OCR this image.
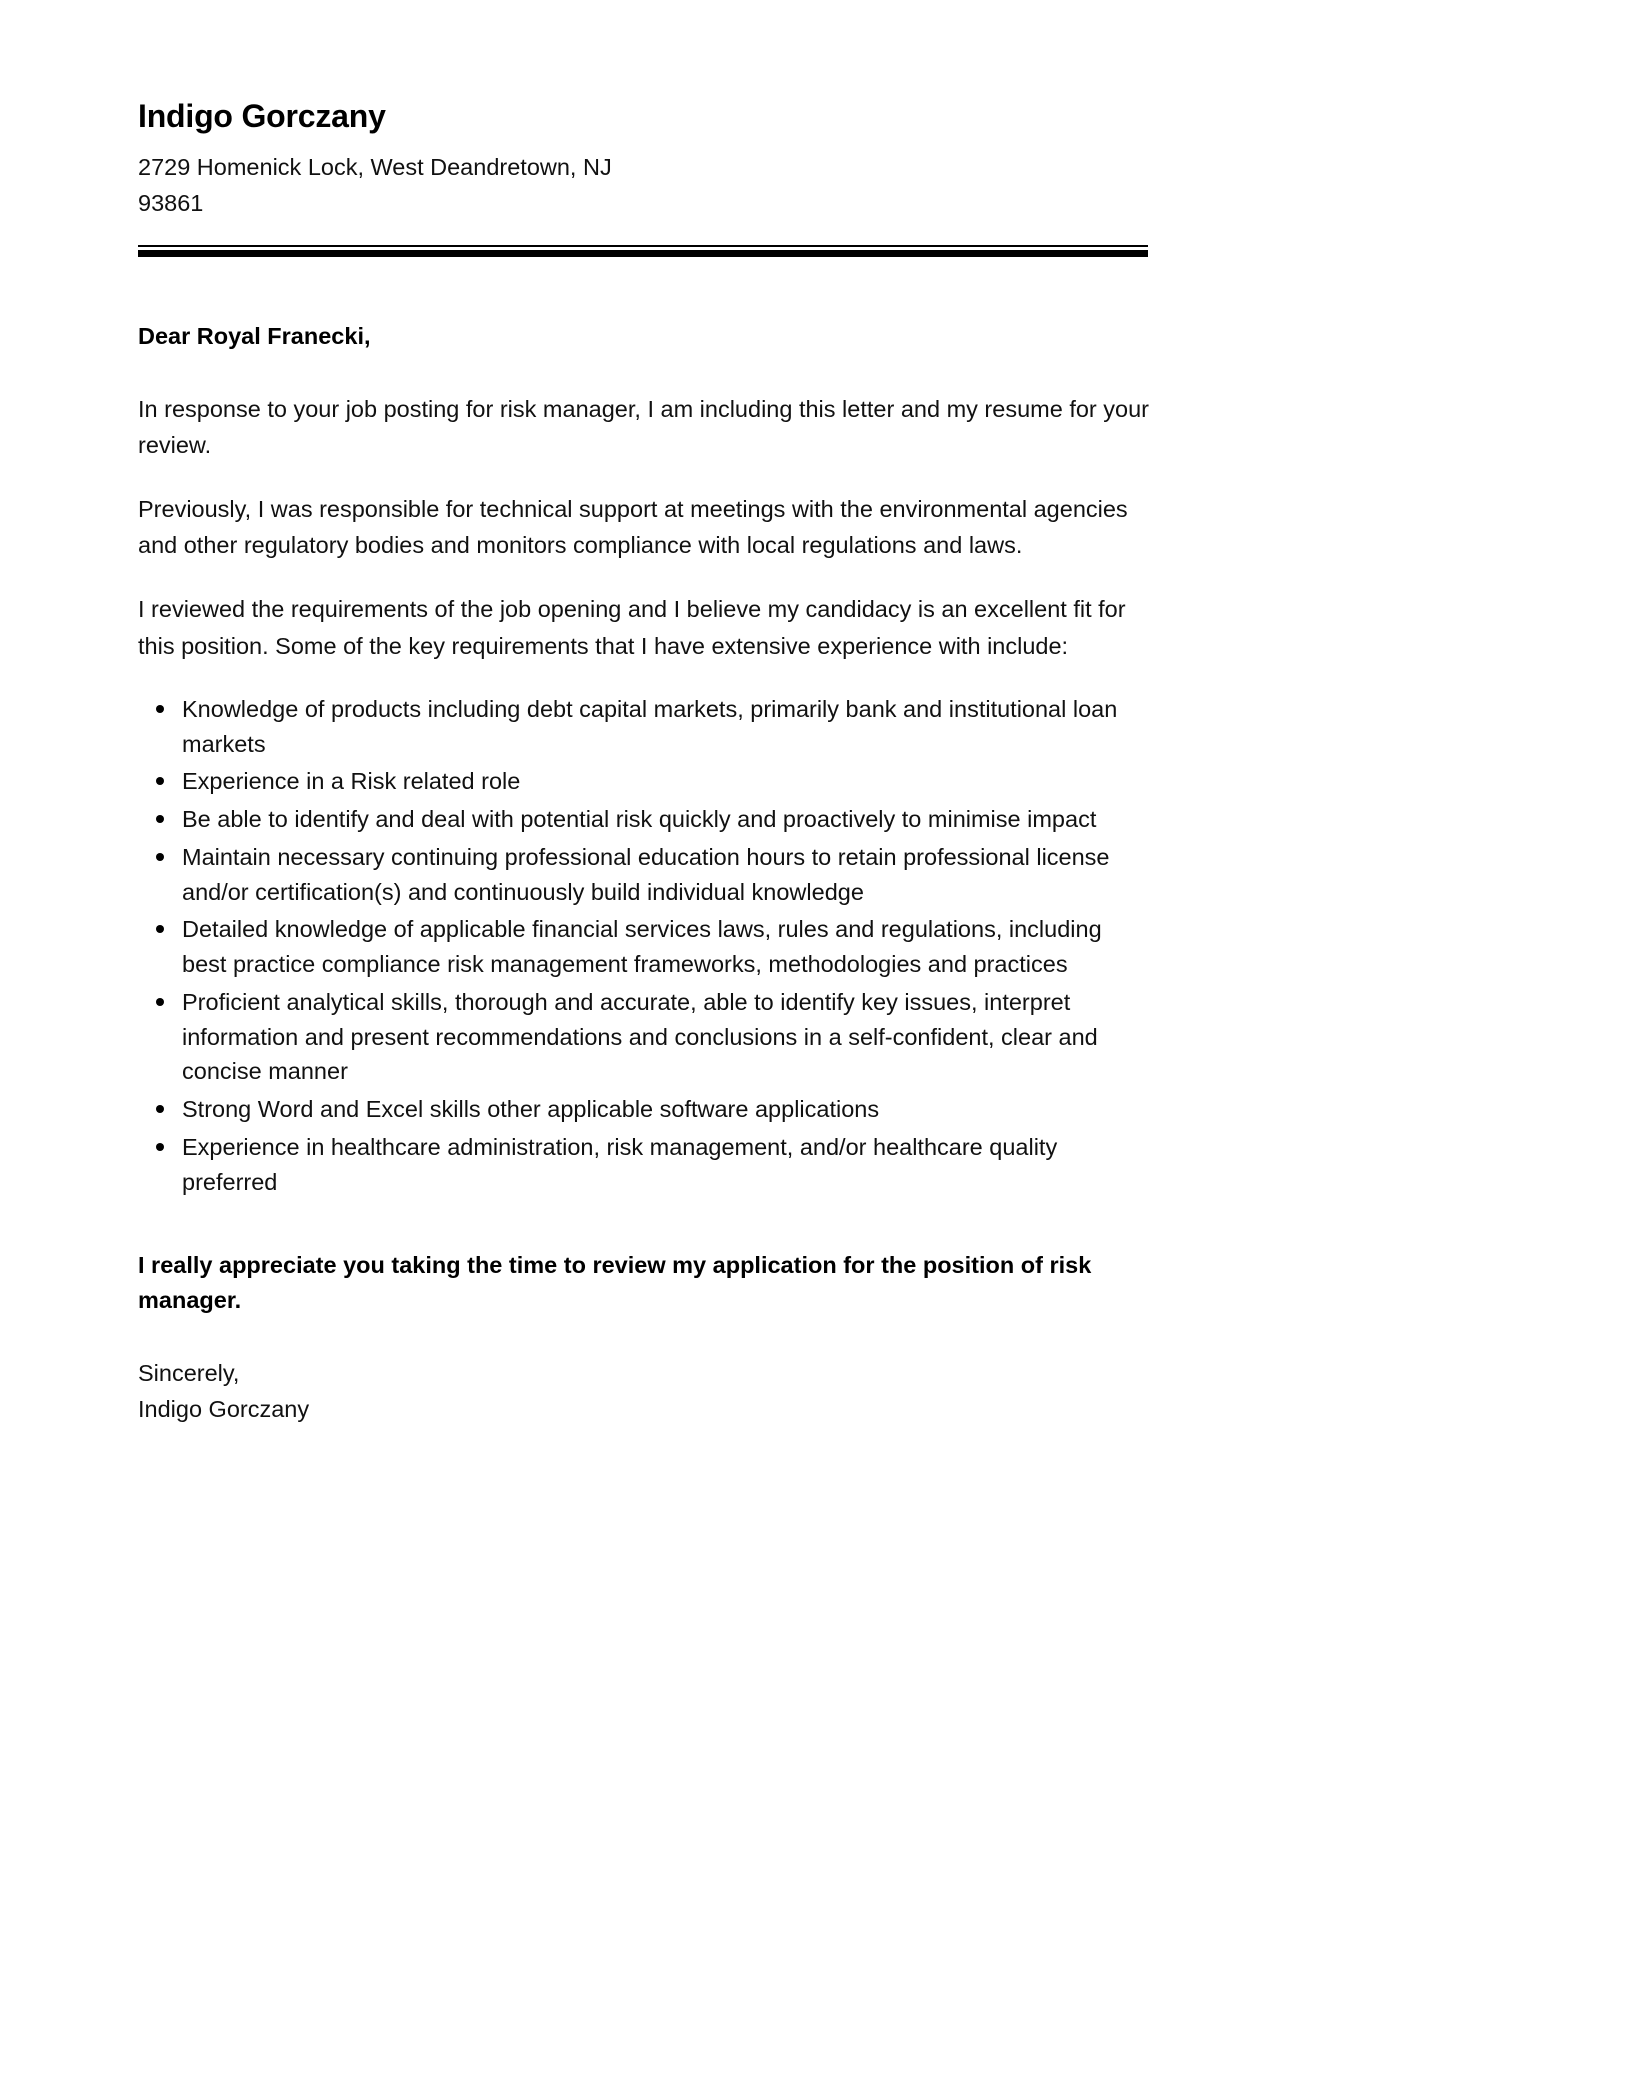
Indigo Gorczany

2729 Homenick Lock, West Deandretown, NJ

93861

Dear Royal Franecki,

In response to your job posting for risk manager, I am including this letter and my resume for your review.

Previously, I was responsible for technical support at meetings with the environmental agencies and other regulatory bodies and monitors compliance with local regulations and laws.

I reviewed the requirements of the job opening and I believe my candidacy is an excellent fit for this position. Some of the key requirements that I have extensive experience with include:

Knowledge of products including debt capital markets, primarily bank and institutional loan markets
Experience in a Risk related role
Be able to identify and deal with potential risk quickly and proactively to minimise impact
Maintain necessary continuing professional education hours to retain professional license and/or certification(s) and continuously build individual knowledge
Detailed knowledge of applicable financial services laws, rules and regulations, including best practice compliance risk management frameworks, methodologies and practices
Proficient analytical skills, thorough and accurate, able to identify key issues, interpret information and present recommendations and conclusions in a self-confident, clear and concise manner
Strong Word and Excel skills other applicable software applications
Experience in healthcare administration, risk management, and/or healthcare quality preferred

I really appreciate you taking the time to review my application for the position of risk manager.

Sincerely,

Indigo Gorczany
